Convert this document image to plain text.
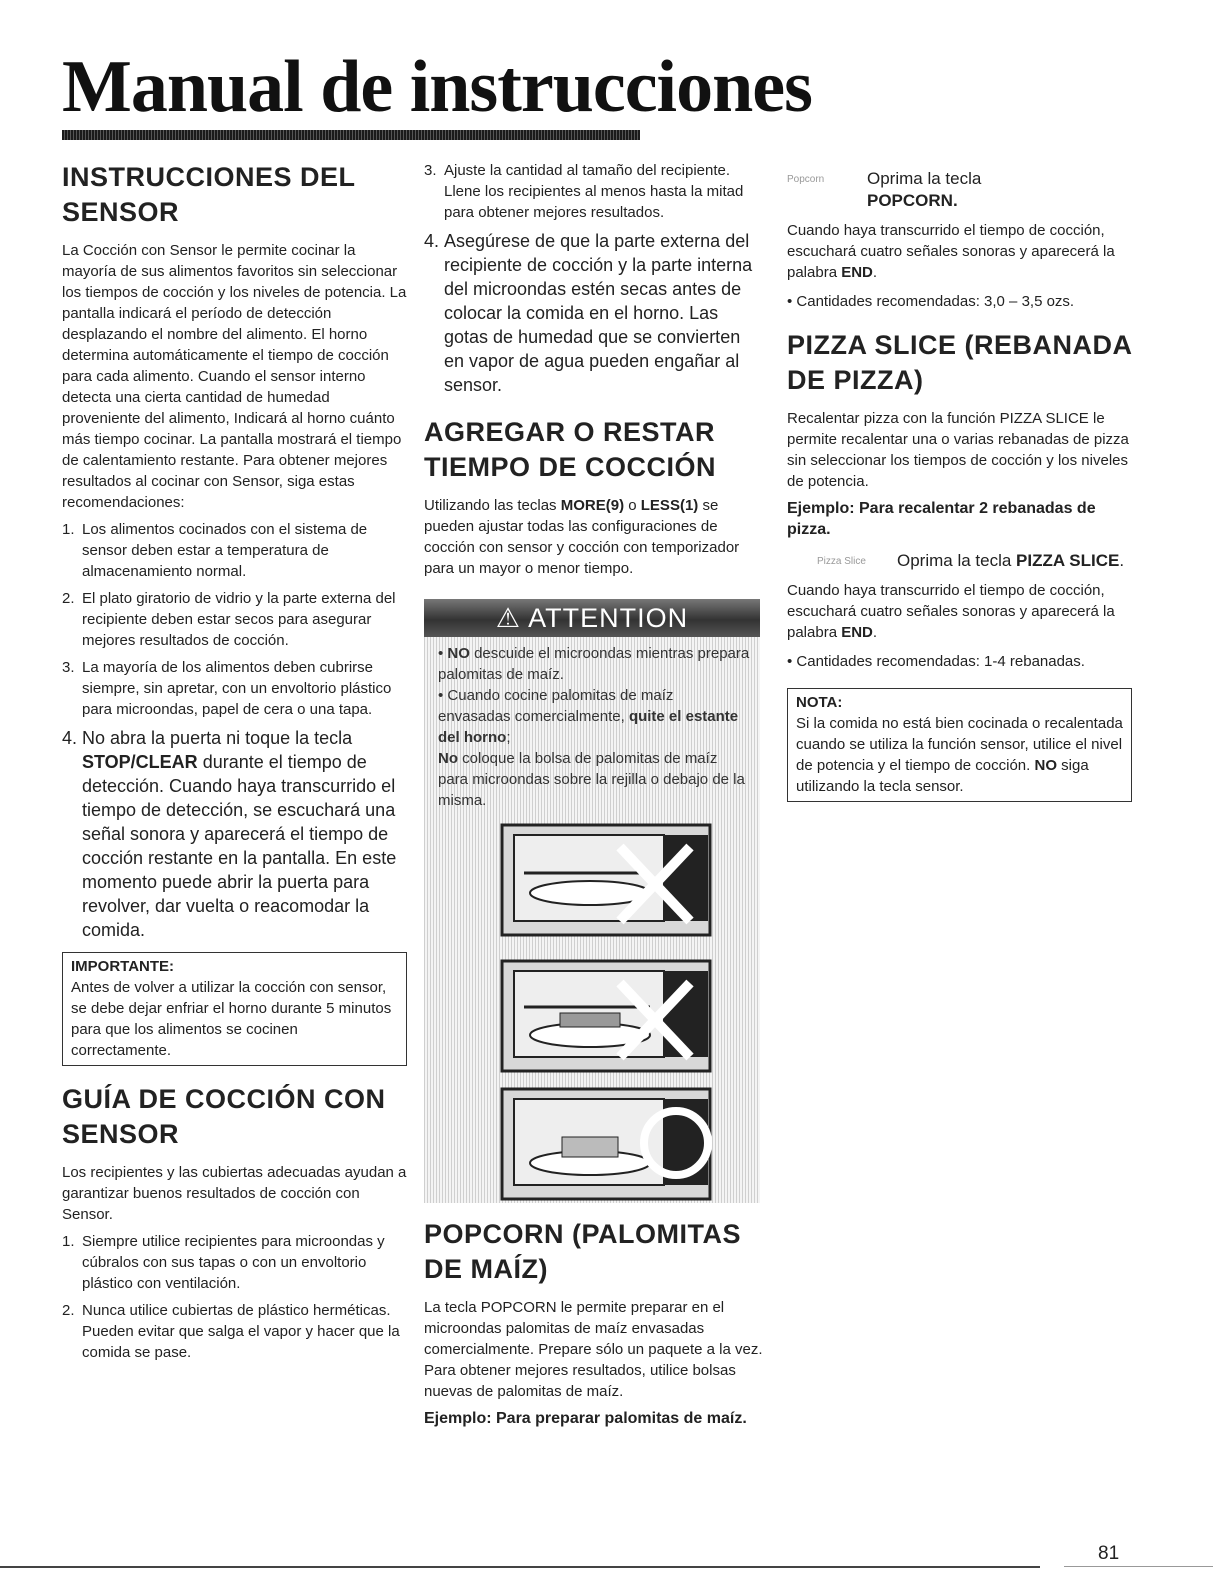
Manual de instrucciones
INSTRUCCIONES DEL SENSOR

La Cocción con Sensor le permite cocinar la mayoría de sus alimentos favoritos sin seleccionar los tiempos de cocción y los niveles de potencia. La pantalla indicará el período de detección desplazando el nombre del alimento. El horno determina automáticamente el tiempo de cocción para cada alimento. Cuando el sensor interno detecta una cierta cantidad de humedad proveniente del alimento, Indicará al horno cuánto más tiempo cocinar. La pantalla mostrará el tiempo de calentamiento restante. Para obtener mejores resultados al cocinar con Sensor, siga estas recomendaciones:

1. Los alimentos cocinados con el sistema de sensor deben estar a temperatura de almacenamiento normal.
2. El plato giratorio de vidrio y la parte externa del recipiente deben estar secos para asegurar mejores resultados de cocción.
3. La mayoría de los alimentos deben cubrirse siempre, sin apretar, con un envoltorio plástico para microondas, papel de cera o una tapa.
4. No abra la puerta ni toque la tecla STOP/CLEAR durante el tiempo de detección. Cuando haya transcurrido el tiempo de detección, se escuchará una señal sonora y aparecerá el tiempo de cocción restante en la pantalla. En este momento puede abrir la puerta para revolver, dar vuelta o reacomodar la comida.
IMPORTANTE:
Antes de volver a utilizar la cocción con sensor, se debe dejar enfriar el horno durante 5 minutos para que los alimentos se cocinen correctamente.
GUÍA DE COCCIÓN CON SENSOR

Los recipientes y las cubiertas adecuadas ayudan a garantizar buenos resultados de cocción con Sensor.

1. Siempre utilice recipientes para microondas y cúbralos con sus tapas o con un envoltorio plástico con ventilación.
2. Nunca utilice cubiertas de plástico herméticas. Pueden evitar que salga el vapor y hacer que la comida se pase.
3. Ajuste la cantidad al tamaño del recipiente. Llene los recipientes al menos hasta la mitad para obtener mejores resultados.
4. Asegúrese de que la parte externa del recipiente de cocción y la parte interna del microondas estén secas antes de colocar la comida en el horno. Las gotas de humedad que se convierten en vapor de agua pueden engañar al sensor.
AGREGAR O RESTAR TIEMPO DE COCCIÓN

Utilizando las teclas MORE(9) o LESS(1) se pueden ajustar todas las configuraciones de cocción con sensor y cocción con temporizador para un mayor o menor tiempo.

⚠ ATTENTION
• NO descuide el microondas mientras prepara palomitas de maíz.
• Cuando cocine palomitas de maíz envasadas comercialmente, quite el estante del horno;
No coloque la bolsa de palomitas de maíz para microondas sobre la rejilla o debajo de la misma.
POPCORN (PALOMITAS DE MAÍZ)

La tecla POPCORN le permite preparar en el microondas palomitas de maíz envasadas comercialmente. Prepare sólo un paquete a la vez. Para obtener mejores resultados, utilice bolsas nuevas de palomitas de maíz.

Ejemplo: Para preparar palomitas de maíz.
Popcorn	Oprima la tecla
POPCORN.

Cuando haya transcurrido el tiempo de cocción, escuchará cuatro señales sonoras y aparecerá la palabra END.

• Cantidades recomendadas: 3,0 – 3,5 ozs.
PIZZA SLICE (REBANADA DE PIZZA)

Recalentar pizza con la función PIZZA SLICE le permite recalentar una o varias rebanadas de pizza sin seleccionar los tiempos de cocción y los niveles de potencia.

Ejemplo: Para recalentar 2 rebanadas de pizza.
Pizza Slice	Oprima la tecla PIZZA SLICE.

Cuando haya transcurrido el tiempo de cocción, escuchará cuatro señales sonoras y aparecerá la palabra END.

• Cantidades recomendadas: 1-4 rebanadas.
NOTA:
Si la comida no está bien cocinada o recalentada cuando se utiliza la función sensor, utilice el nivel de potencia y el tiempo de cocción. NO siga utilizando la tecla sensor.
81
